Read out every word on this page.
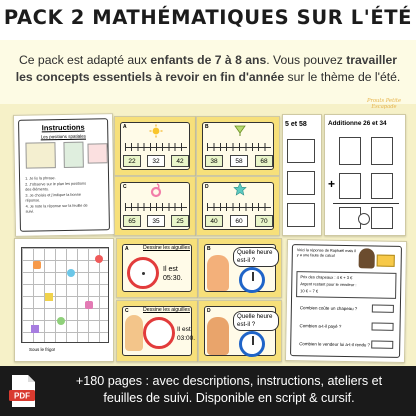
PACK 2 MATHÉMATIQUES SUR L'ÉTÉ
Ce pack est adapté aux enfants de 7 à 8 ans. Vous pouvez travailler les concepts essentiels à revoir en fin d'année sur le thème de l'été.
Instructions
Les positions spatiales
1. Je lis la phrase.
2. J'observe sur le plan les positions
des éléments.
3. Je choisis et j'indique la bonne
réponse.
4. Je note la réponse sur la feuille de
suivi.
A
22	32	42
B
38	58	68
C
65	35	25
D
40	60	70
5 et 58	Additionne 26 et 34
+
Prouts Petite Escapade
Sous le frigo!
A	Dessine les aiguilles
Il est 05:30.
B	Quelle heure est-il ?
C	Dessine les aiguilles
Il est 03:00.
D
Quelle heure est-il ?
Voici la réponse de Raphaël mais il y a une faute de calcul
Prix des chapeaux : 4 € + 3 €
Argent restant pour le vendeur :
10 € − 7 €
Combien coûte un chapeau ?
Combien a-t-il payé ?
Combien le vendeur lui a-t-il rendu ?
PDF
+180 pages : avec descriptions, instructions, ateliers et
feuilles de suivi. Disponible en script & cursif.
